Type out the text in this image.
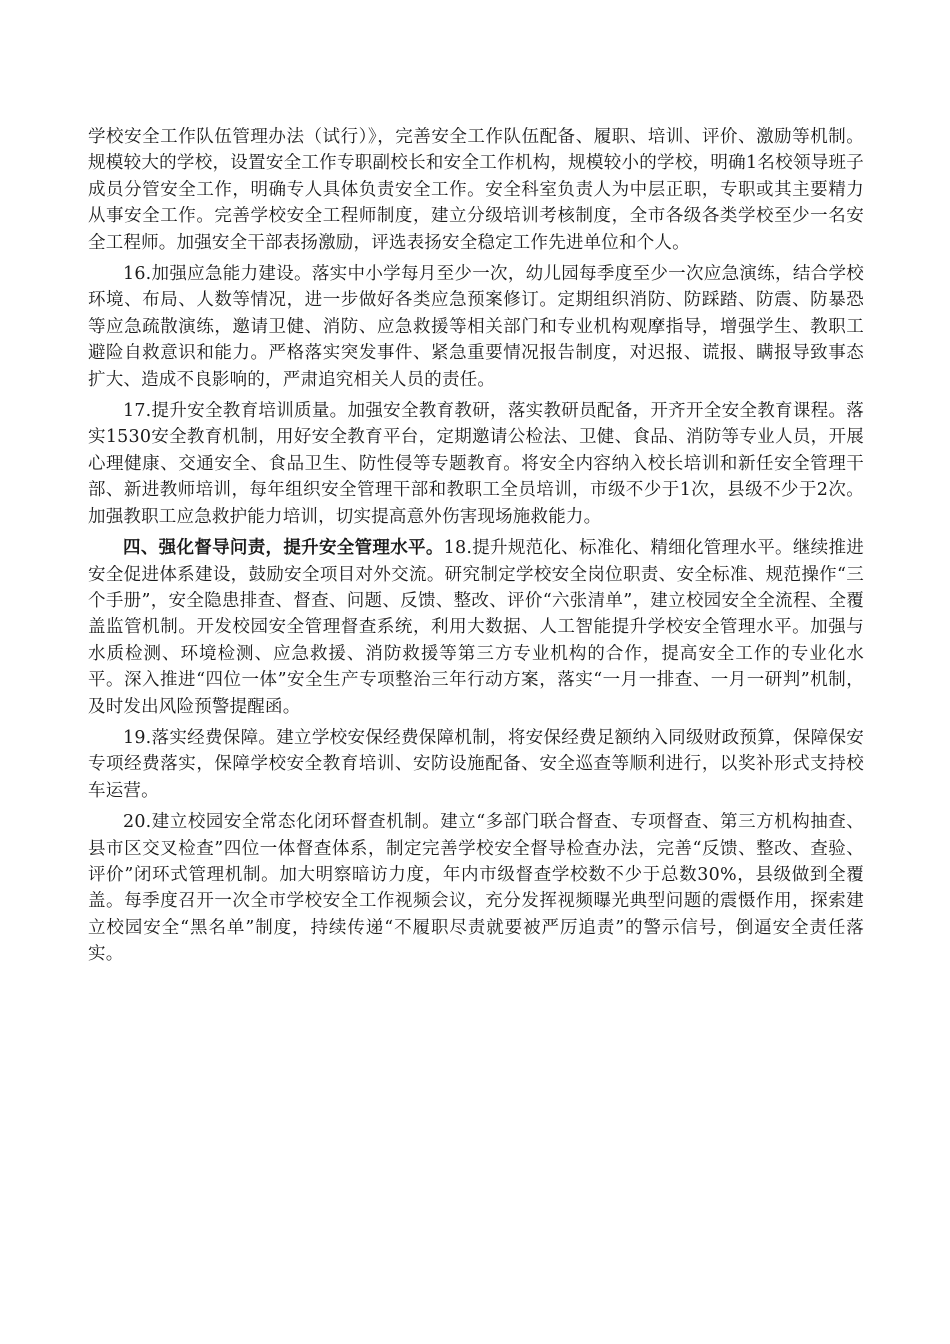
学校安全工作队伍管理办法（试行）》，完善安全工作队伍配备、履职、培训、评价、激励等机制。规模较大的学校，设置安全工作专职副校长和安全工作机构，规模较小的学校，明确1名校领导班子成员分管安全工作，明确专人具体负责安全工作。安全科室负责人为中层正职，专职或其主要精力从事安全工作。完善学校安全工程师制度，建立分级培训考核制度，全市各级各类学校至少一名安全工程师。加强安全干部表扬激励，评选表扬安全稳定工作先进单位和个人。

16.加强应急能力建设。落实中小学每月至少一次，幼儿园每季度至少一次应急演练，结合学校环境、布局、人数等情况，进一步做好各类应急预案修订。定期组织消防、防踩踏、防震、防暴恐等应急疏散演练，邀请卫健、消防、应急救援等相关部门和专业机构观摩指导，增强学生、教职工避险自救意识和能力。严格落实突发事件、紧急重要情况报告制度，对迟报、谎报、瞒报导致事态扩大、造成不良影响的，严肃追究相关人员的责任。

17.提升安全教育培训质量。加强安全教育教研，落实教研员配备，开齐开全安全教育课程。落实1530安全教育机制，用好安全教育平台，定期邀请公检法、卫健、食品、消防等专业人员，开展心理健康、交通安全、食品卫生、防性侵等专题教育。将安全内容纳入校长培训和新任安全管理干部、新进教师培训，每年组织安全管理干部和教职工全员培训，市级不少于1次，县级不少于2次。加强教职工应急救护能力培训，切实提高意外伤害现场施救能力。

四、强化督导问责，提升安全管理水平。18.提升规范化、标准化、精细化管理水平。继续推进安全促进体系建设，鼓励安全项目对外交流。研究制定学校安全岗位职责、安全标准、规范操作“三个手册”，安全隐患排查、督查、问题、反馈、整改、评价“六张清单”，建立校园安全全流程、全覆盖监管机制。开发校园安全管理督查系统，利用大数据、人工智能提升学校安全管理水平。加强与水质检测、环境检测、应急救援、消防救援等第三方专业机构的合作，提高安全工作的专业化水平。深入推进“四位一体”安全生产专项整治三年行动方案，落实“一月一排查、一月一研判”机制，及时发出风险预警提醒函。

19.落实经费保障。建立学校安保经费保障机制，将安保经费足额纳入同级财政预算，保障保安专项经费落实，保障学校安全教育培训、安防设施配备、安全巡查等顺利进行，以奖补形式支持校车运营。

20.建立校园安全常态化闭环督查机制。建立“多部门联合督查、专项督查、第三方机构抽查、县市区交叉检查”四位一体督查体系，制定完善学校安全督导检查办法，完善“反馈、整改、查验、评价”闭环式管理机制。加大明察暗访力度，年内市级督查学校数不少于总数30%，县级做到全覆盖。每季度召开一次全市学校安全工作视频会议，充分发挥视频曝光典型问题的震慑作用，探索建立校园安全“黑名单”制度，持续传递“不履职尽责就要被严厉追责”的警示信号，倒逼安全责任落实。
